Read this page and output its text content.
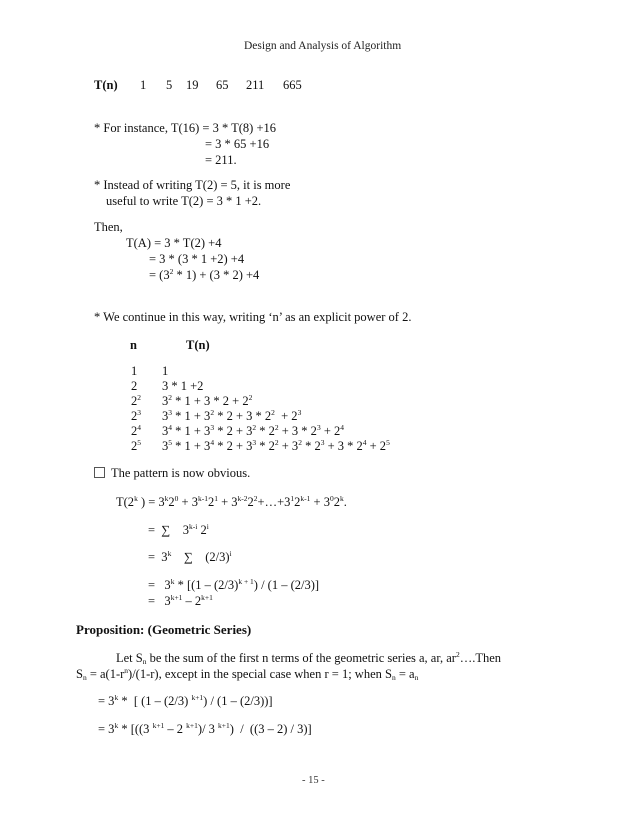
Design and Analysis of Algorithm
T(n) 1 5 19 65 211 665
* For instance, T(16) = 3 * T(8) +16
= 3 * 65 +16
= 211.
* Instead of writing T(2) = 5, it is more
useful to write T(2) = 3 * 1 +2.
Then,
T(A) = 3 * T(2) +4
= 3 * (3 * 1 +2) +4
= $(3^2 * 1) + (3 * 2) +4$
* We continue in this way, writing ‘n’ as an explicit power of 2.
n	T(n)
1 1
2 3 * 1 +2
$2^2$ $3^2 * 1 + 3 * 2 + 2^2$
$2^3$ $3^3 * 1 + 3^2 * 2 + 3 * 2^2 + 2^3$
$2^4$ $3^4 * 1 + 3^3 * 2 + 3^2 * 2^2 + 3 * 2^3 + 2^4$
$2^5$ $3^5 * 1 + 3^4 * 2 + 3^3 * 2^2 + 3^2 * 2^3 + 3 * 2^4 + 2^5$
The pattern is now obvious.
T(2$^k$ ) = $3^k2^0 + 3^{k-1}2^1$ + $3^{k-2}2^2+\dots+3^12^{k-1} + 3^02^k$.
=  ∑    3$^{k-i}$ $2^i$
=  3$^k$    ∑    $(2/3)^i$
=   $3^k * [(1 - (2/3)^{k + 1}) / (1 - (2/3)]$
=   $3^{k+1} - 2^{k+1}$
Proposition: (Geometric Series)
Let $S_n$ be the sum of the first n terms of the geometric series a, ar, $ar^2\dots.Then$
$S_n = a(1-r^n)/(1-r)$, except in the special case when r = 1; when $S_n = a_n$
= $3^k$ *  [ (1 – (2/3) $^{k+1}$) / (1 – (2/3))]
= $3^k * [((3$ $^{k+1}$ – 2 $^{k+1}$)/ 3 $^{k+1}$)  /  ((3 – 2) / 3)]
- 15 -
